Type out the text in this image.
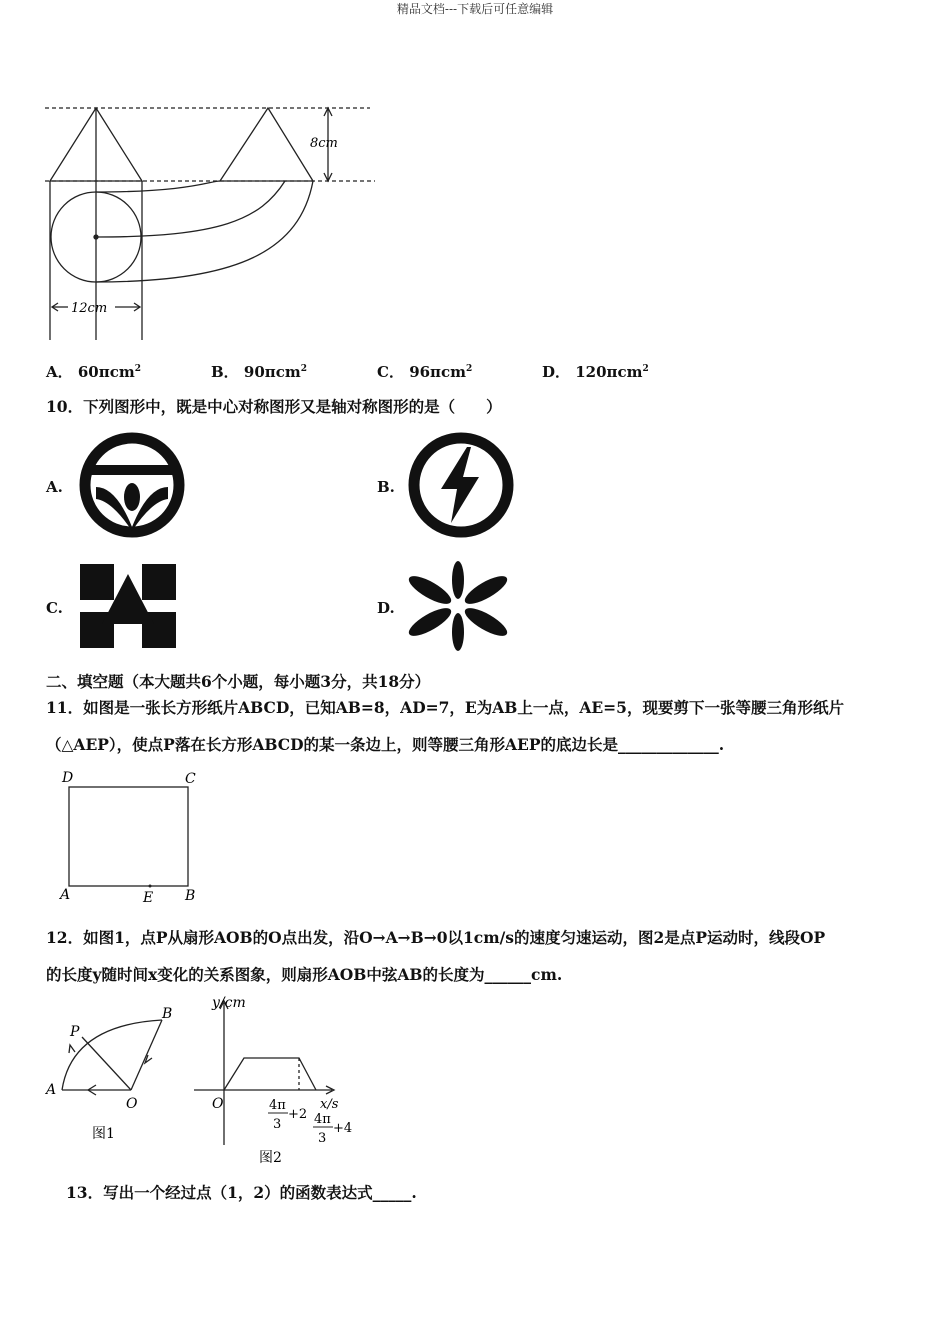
精品文档---下载后可任意编辑
8cm
12cm
A． 60πcm$^2$	B． 90πcm$^2$	C． 96πcm$^2$	D． 120πcm$^2$
10．下列图形中，既是中心对称图形又是轴对称图形的是（　　）
A.	B.
C.	D.
二、填空题（本大题共6个小题，每小题3分，共18分）
11．如图是一张长方形纸片ABCD，已知AB=8，AD=7，E为AB上一点，AE=5，现要剪下一张等腰三角形纸片
（△AEP），使点P落在长方形ABCD的某一条边上，则等腰三角形AEP的底边长是_____________.
D	C
A	E B
12．如图1，点P从扇形AOB的O点出发，沿O→A→B→0以1cm/s的速度匀速运动，图2是点P运动时，线段OP
的长度y随时间x变化的关系图象，则扇形AOB中弦AB的长度为______cm.
A
B
O
P
图1
y/cm
x/s
O	4π
3
+2 4π
3
+4
图2
13．写出一个经过点（1，2）的函数表达式_____.
